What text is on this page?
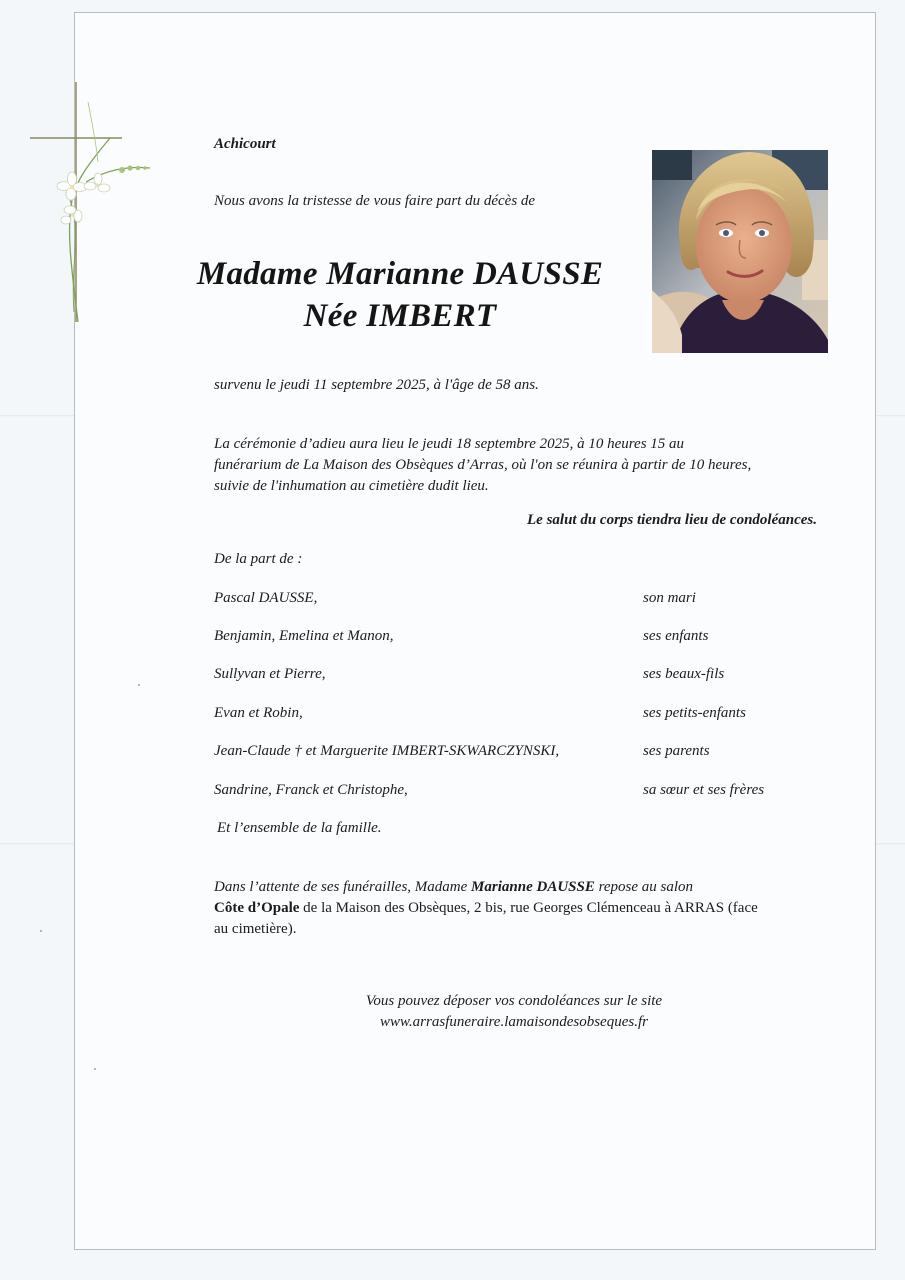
Achicourt
Nous avons la tristesse de vous faire part du décès de
Madame Marianne DAUSSE
Née IMBERT
survenu le jeudi 11 septembre 2025, à l'âge de 58 ans.
La cérémonie d’adieu aura lieu le jeudi 18 septembre 2025, à 10 heures 15 au
funérarium de La Maison des Obsèques d’Arras, où l'on se réunira à partir de 10 heures,
suivie de l'inhumation au cimetière dudit lieu.
Le salut du corps tiendra lieu de condoléances.
De la part de :
Pascal DAUSSE,	son mari
Benjamin, Emelina et Manon,	ses enfants
Sullyvan et Pierre,	ses beaux-fils
Evan et Robin,	ses petits-enfants
Jean-Claude † et Marguerite IMBERT-SKWARCZYNSKI,	ses parents
Sandrine, Franck et Christophe,	sa sœur et ses frères
Et l’ensemble de la famille.
Dans l’attente de ses funérailles, Madame Marianne DAUSSE repose au salon
Côte d’Opale de la Maison des Obsèques, 2 bis, rue Georges Clémenceau à ARRAS (face
au cimetière).
Vous pouvez déposer vos condoléances sur le site
www.arrasfuneraire.lamaisondesobseques.fr
